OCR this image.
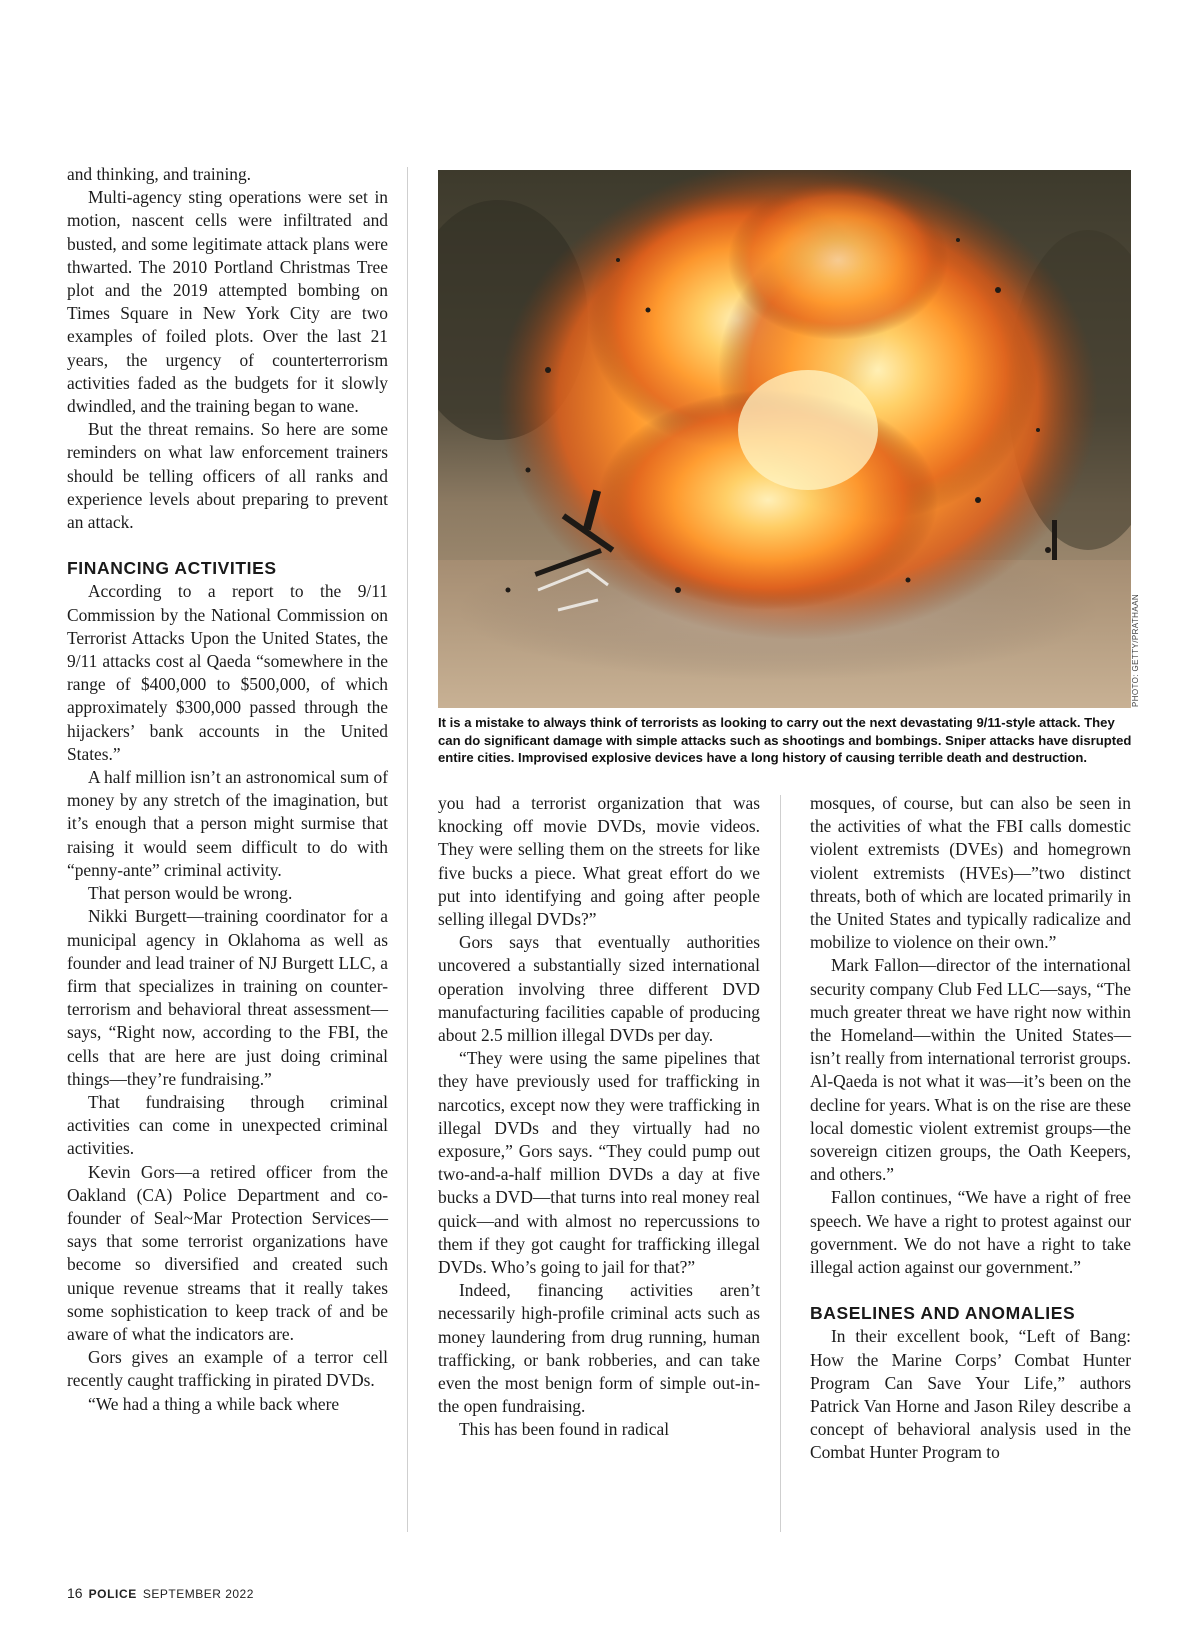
and thinking, and training.

Multi-agency sting operations were set in motion, nascent cells were infiltrated and busted, and some legitimate attack plans were thwarted. The 2010 Portland Christmas Tree plot and the 2019 attempted bombing on Times Square in New York City are two examples of foiled plots. Over the last 21 years, the urgency of counterterrorism activities faded as the budgets for it slowly dwindled, and the training began to wane.

But the threat remains. So here are some reminders on what law enforcement trainers should be telling officers of all ranks and experience levels about preparing to prevent an attack.

FINANCING ACTIVITIES

According to a report to the 9/11 Commission by the National Commission on Terrorist Attacks Upon the United States, the 9/11 attacks cost al Qaeda “somewhere in the range of $400,000 to $500,000, of which approximately $300,000 passed through the hijackers’ bank accounts in the United States.”

A half million isn’t an astronomical sum of money by any stretch of the imagination, but it’s enough that a person might surmise that raising it would seem difficult to do with “penny-ante” criminal activity.

That person would be wrong.

Nikki Burgett—training coordinator for a municipal agency in Oklahoma as well as founder and lead trainer of NJ Burgett LLC, a firm that specializes in training on counter-terrorism and behavioral threat assessment—says, “Right now, according to the FBI, the cells that are here are just doing criminal things—they’re fundraising.”

That fundraising through criminal activities can come in unexpected criminal activities.

Kevin Gors—a retired officer from the Oakland (CA) Police Department and co-founder of Seal~Mar Protection Services—says that some terrorist organizations have become so diversified and created such unique revenue streams that it really takes some sophistication to keep track of and be aware of what the indicators are.

Gors gives an example of a terror cell recently caught trafficking in pirated DVDs.

“We had a thing a while back where

PHOTO: GETTY/PRATHAAN
It is a mistake to always think of terrorists as looking to carry out the next devastating 9/11-style attack. They can do significant damage with simple attacks such as shootings and bombings. Sniper attacks have disrupted entire cities. Improvised explosive devices have a long history of causing terrible death and destruction.

you had a terrorist organization that was knocking off movie DVDs, movie videos. They were selling them on the streets for like five bucks a piece. What great effort do we put into identifying and going after people selling illegal DVDs?”

Gors says that eventually authorities uncovered a substantially sized international operation involving three different DVD manufacturing facilities capable of producing about 2.5 million illegal DVDs per day.

“They were using the same pipelines that they have previously used for trafficking in narcotics, except now they were trafficking in illegal DVDs and they virtually had no exposure,” Gors says. “They could pump out two-and-a-half million DVDs a day at five bucks a DVD—that turns into real money real quick—and with almost no repercussions to them if they got caught for trafficking illegal DVDs. Who’s going to jail for that?”

Indeed, financing activities aren’t necessarily high-profile criminal acts such as money laundering from drug running, human trafficking, or bank robberies, and can take even the most benign form of simple out-in-the open fundraising.

This has been found in radical

mosques, of course, but can also be seen in the activities of what the FBI calls domestic violent extremists (DVEs) and homegrown violent extremists (HVEs)—”two distinct threats, both of which are located primarily in the United States and typically radicalize and mobilize to violence on their own.”

Mark Fallon—director of the international security company Club Fed LLC—says, “The much greater threat we have right now within the Homeland—within the United States—isn’t really from international terrorist groups. Al-Qaeda is not what it was—it’s been on the decline for years. What is on the rise are these local domestic violent extremist groups—the sovereign citizen groups, the Oath Keepers, and others.”

Fallon continues, “We have a right of free speech. We have a right to protest against our government. We do not have a right to take illegal action against our government.”

BASELINES AND ANOMALIES

In their excellent book, “Left of Bang: How the Marine Corps’ Combat Hunter Program Can Save Your Life,” authors Patrick Van Horne and Jason Riley describe a concept of behavioral analysis used in the Combat Hunter Program to

16 POLICE SEPTEMBER 2022
